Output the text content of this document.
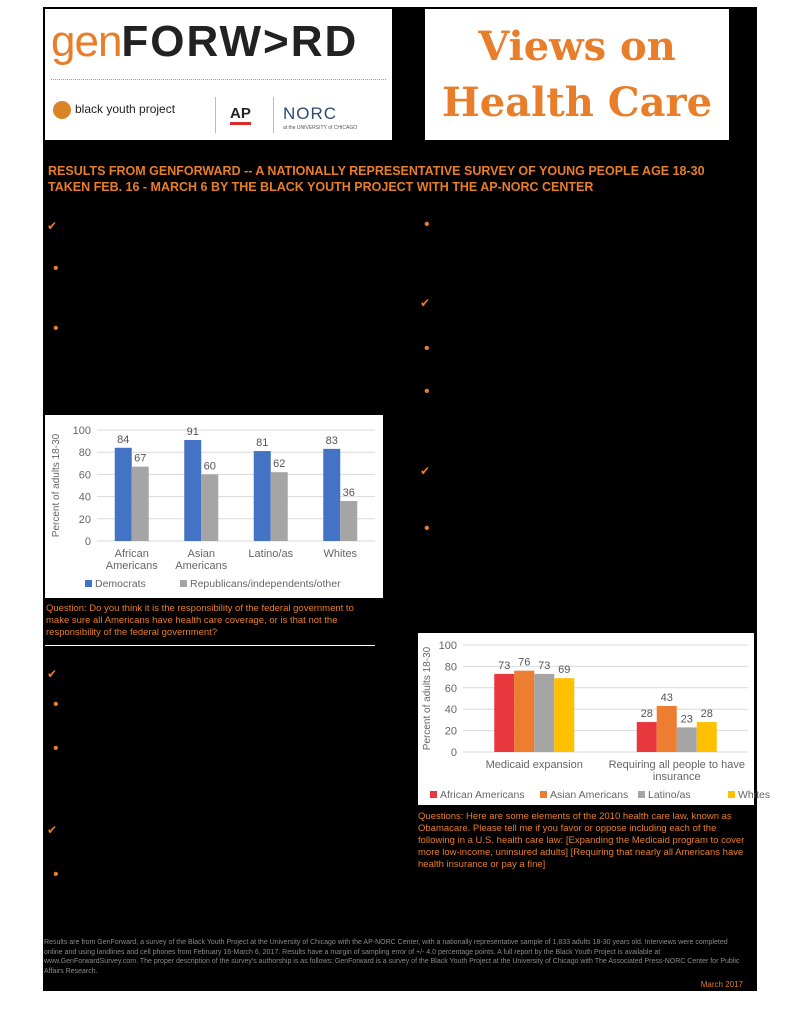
genFORW>RD
black youth project	AP NORC
at the UNIVERSITY of CHICAGO
Views on
Health Care
RESULTS FROM GENFORWARD -- A NATIONALLY REPRESENTATIVE SURVEY OF YOUNG PEOPLE AGE 18-30 TAKEN FEB. 16 - MARCH 6 BY THE BLACK YOUTH PROJECT WITH THE AP-NORC CENTER
✔
•
•
•
✔
•
•
✔
•
✔
•
•
✔
•
Percent of adults 18-30
0
20
40
60
80
100
84
67
African
Americans
91
60
Asian
Americans
81
62
Latino/as
83
36
Whites
Democrats	Republicans/independents/other
Question: Do you think it is the responsibility of the federal government to make sure all Americans have health care coverage, or is that not the responsibility of the federal government?
Percent of adults 18-30
0
20
40
60
80
100
73 76 73 69
Medicaid expansion
28
43
23 28
Requiring all people to have
insurance
African Americans Asian Americans Latino/as	Whites
Questions: Here are some elements of the 2010 health care law, known as Obamacare. Please tell me if you favor or oppose including each of the following in a U.S. health care law: [Expanding the Medicaid program to cover more low-income, uninsured adults] [Requiring that nearly all Americans have health insurance or pay a fine]
Results are from GenForward, a survey of the Black Youth Project at the University of Chicago with the AP-NORC Center, with a nationally representative sample of 1,833 adults 18-30 years old. Interviews were completed online and using landlines and cell phones from February 16-March 6, 2017. Results have a margin of sampling error of +/- 4.0 percentage points. A full report by the Black Youth Project is available at www.GenForwardSurvey.com. The proper description of the survey's authorship is as follows: GenForward is a survey of the Black Youth Project at the University of Chicago with The Associated Press-NORC Center for Public Affairs Research.
March 2017
